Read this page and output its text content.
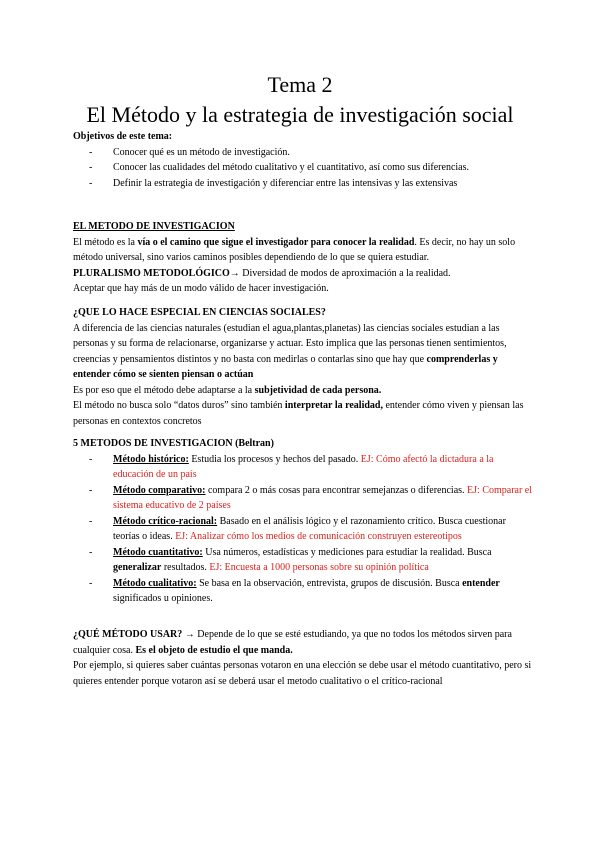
Tema 2
El Método y la estrategia de investigación social

Objetivos de este tema:

- Conocer qué es un método de investigación.
- Conocer las cualidades del método cualitativo y el cuantitativo, así como sus diferencias.
- Definir la estrategia de investigación y diferenciar entre las intensivas y las extensivas

EL METODO DE INVESTIGACION

El método es la vía o el camino que sigue el investigador para conocer la realidad. Es decir, no hay un solo método universal, sino varios caminos posibles dependiendo de lo que se quiera estudiar.

PLURALISMO METODOLÓGICO→ Diversidad de modos de aproximación a la realidad.

Aceptar que hay más de un modo válido de hacer investigación.

¿QUE LO HACE ESPECIAL EN CIENCIAS SOCIALES?

A diferencia de las ciencias naturales (estudian el agua,plantas,planetas) las ciencias sociales estudian a las personas y su forma de relacionarse, organizarse y actuar. Esto implica que las personas tienen sentimientos, creencias y pensamientos distintos y no basta con medirlas o contarlas sino que hay que comprenderlas y entender cómo se sienten piensan o actúan

Es por eso que el método debe adaptarse a la subjetividad de cada persona.

El método no busca solo “datos duros” sino también interpretar la realidad, entender cómo viven y piensan las personas en contextos concretos

5 METODOS DE INVESTIGACION (Beltran)

- Método histórico: Estudia los procesos y hechos del pasado. EJ: Cómo afectó la dictadura a la educación de un país
- Método comparativo: compara 2 o más cosas para encontrar semejanzas o diferencias. EJ: Comparar el sistema educativo de 2 países
- Método crítico-racional: Basado en el análisis lógico y el razonamiento crítico. Busca cuestionar teorías o ideas. EJ: Analizar cómo los medios de comunicación construyen estereotipos
- Método cuantitativo: Usa números, estadísticas y mediciones para estudiar la realidad. Busca generalizar resultados. EJ: Encuesta a 1000 personas sobre su opinión política
- Método cualitativo: Se basa en la observación, entrevista, grupos de discusión. Busca entender significados u opiniones.

¿QUÉ MÉTODO USAR? → Depende de lo que se esté estudiando, ya que no todos los métodos sirven para cualquier cosa. Es el objeto de estudio el que manda.

Por ejemplo, si quieres saber cuántas personas votaron en una elección se debe usar el método cuantitativo, pero si quieres entender porque votaron así se deberá usar el metodo cualitativo o el crítico-racional
